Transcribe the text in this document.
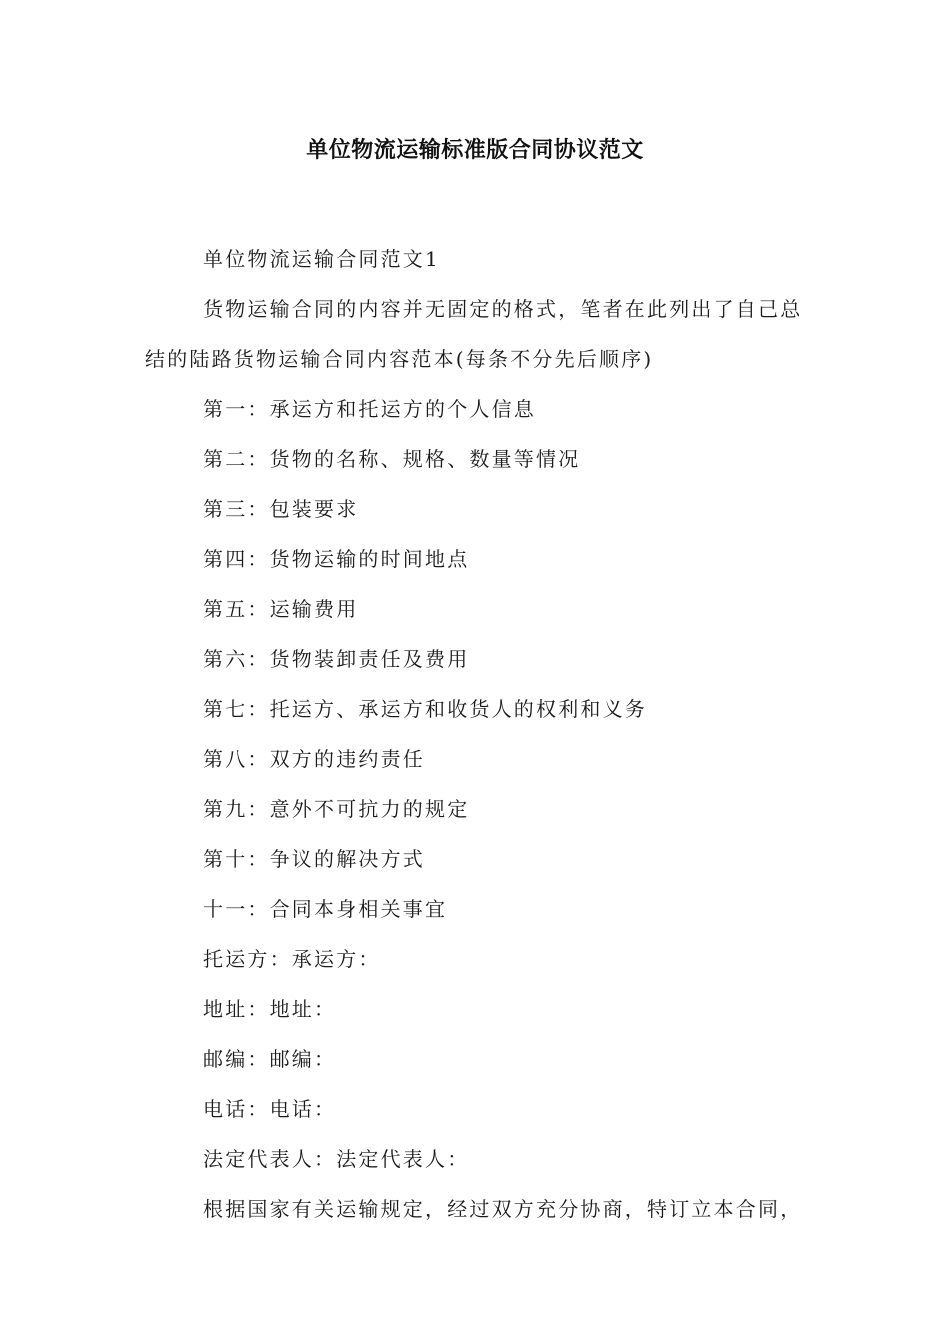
单位物流运输标准版合同协议范文

单位物流运输合同范文1

货物运输合同的内容并无固定的格式，笔者在此列出了自己总结的陆路货物运输合同内容范本(每条不分先后顺序)

第一：承运方和托运方的个人信息

第二：货物的名称、规格、数量等情况

第三：包装要求

第四：货物运输的时间地点

第五：运输费用

第六：货物装卸责任及费用

第七：托运方、承运方和收货人的权利和义务

第八：双方的违约责任

第九：意外不可抗力的规定

第十：争议的解决方式

十一：合同本身相关事宜

托运方：承运方：

地址：地址：

邮编：邮编：

电话：电话：

法定代表人：法定代表人：

根据国家有关运输规定，经过双方充分协商，特订立本合同，
